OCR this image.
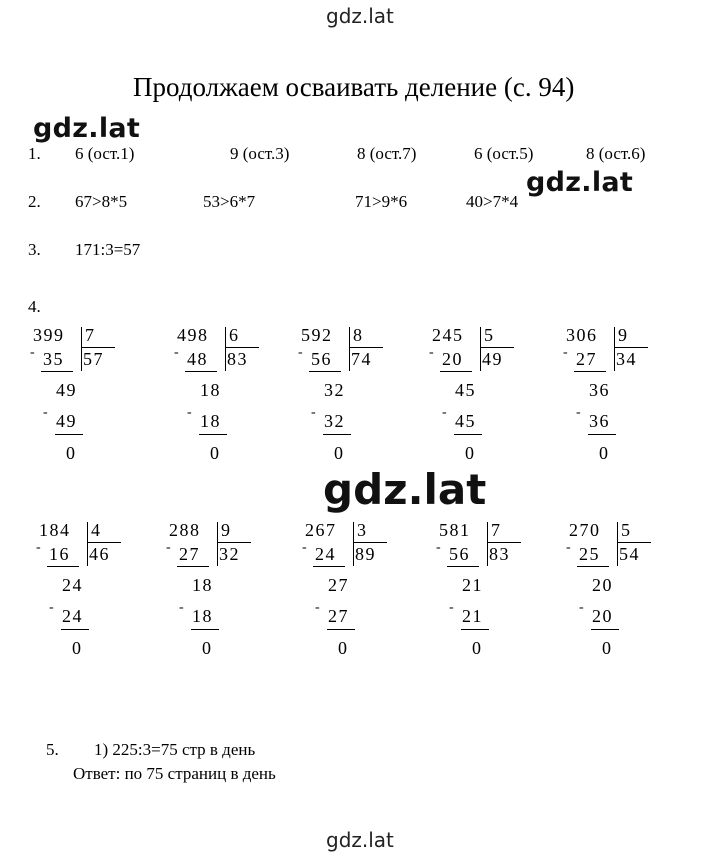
gdz.lat
gdz.lat
gdz.lat
gdz.lat
gdz.lat
Продолжаем осваивать деление (с. 94)
1. 6 (ост.1)	9 (ост.3)	8 (ост.7)	6 (ост.5)	8 (ост.6)
2. 67>8*5	53>6*7	71>9*6	40>7*4
3. 171:3=57
4.
399 7
35 57
49
49
0
-
-
498 6
48 83
18
18
0
-
-
592 8
56 74
32
32
0
-
-
245 5
20 49
45
45
0
-
-
306 9
27 34
36
36
0
-
-
184 4
16 46
24
24
0
-
-
288 9
27 32
18
18
0
-
-
267 3
24 89
27
27
0
-
-
581 7
56 83
21
21
0
-
-
270 5
25 54
20
20
0
-
-
5. 1) 225:3=75 стр в день
Ответ: по 75 страниц в день
